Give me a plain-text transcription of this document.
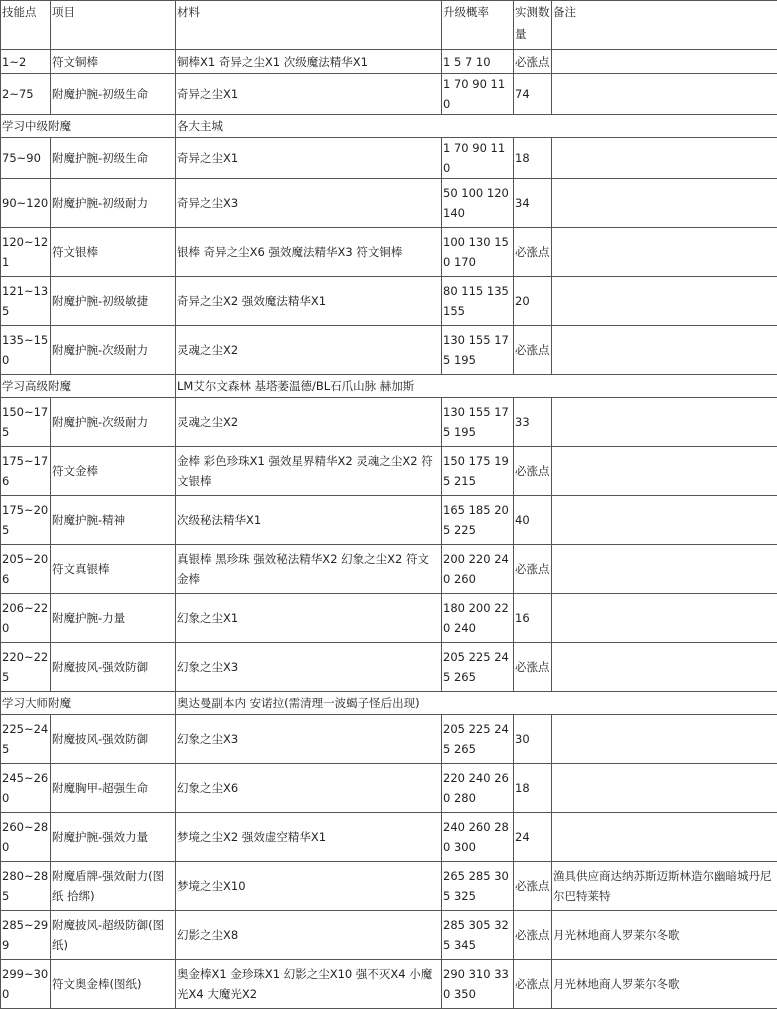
技能点	项目	材料	升级概率	实测数量	备注
1~2	符文铜棒	铜棒X1 奇异之尘X1 次级魔法精华X1	1 5 7 10	必涨点	
2~75	附魔护腕-初级生命	奇异之尘X1	1 70 90 110	74	
学习中级附魔		各大主城			
75~90	附魔护腕-初级生命	奇异之尘X1	1 70 90 110	18	
90~120	附魔护腕-初级耐力	奇异之尘X3	50 100 120 140	34	
120~121	符文银棒	银棒 奇异之尘X6 强效魔法精华X3 符文铜棒	100 130 150 170	必涨点	
121~135	附魔护腕-初级敏捷	奇异之尘X2 强效魔法精华X1	80 115 135 155	20	
135~150	附魔护腕-次级耐力	灵魂之尘X2	130 155 175 195	必涨点	
学习高级附魔		LM艾尔文森林 基塔萎温德/BL石爪山脉 赫加斯			
150~175	附魔护腕-次级耐力	灵魂之尘X2	130 155 175 195	33	
175~176	符文金棒	金棒 彩色珍珠X1 强效星界精华X2 灵魂之尘X2 符文银棒	150 175 195 215	必涨点	
175~205	附魔护腕-精神	次级秘法精华X1	165 185 205 225	40	
205~206	符文真银棒	真银棒 黑珍珠 强效秘法精华X2 幻象之尘X2 符文金棒	200 220 240 260	必涨点	
206~220	附魔护腕-力量	幻象之尘X1	180 200 220 240	16	
220~225	附魔披风-强效防御	幻象之尘X3	205 225 245 265	必涨点	
学习大师附魔		奥达曼副本内 安诺拉(需清理一波蝎子怪后出现)			
225~245	附魔披风-强效防御	幻象之尘X3	205 225 245 265	30	
245~260	附魔胸甲-超强生命	幻象之尘X6	220 240 260 280	18	
260~280	附魔护腕-强效力量	梦境之尘X2 强效虚空精华X1	240 260 280 300	24	
280~285	附魔盾牌-强效耐力(图纸 拾绑)	梦境之尘X10	265 285 305 325	必涨点	渔具供应商达纳苏斯迈斯林造尔幽暗城丹尼尔巴特莱特
285~299	附魔披风-超级防御(图纸)	幻影之尘X8	285 305 325 345	必涨点	月光林地商人罗莱尔冬歌
299~300	符文奥金棒(图纸)	奥金棒X1 金珍珠X1 幻影之尘X10 强不灭X4 小魔光X4 大魔光X2	290 310 330 350	必涨点	月光林地商人罗莱尔冬歌
